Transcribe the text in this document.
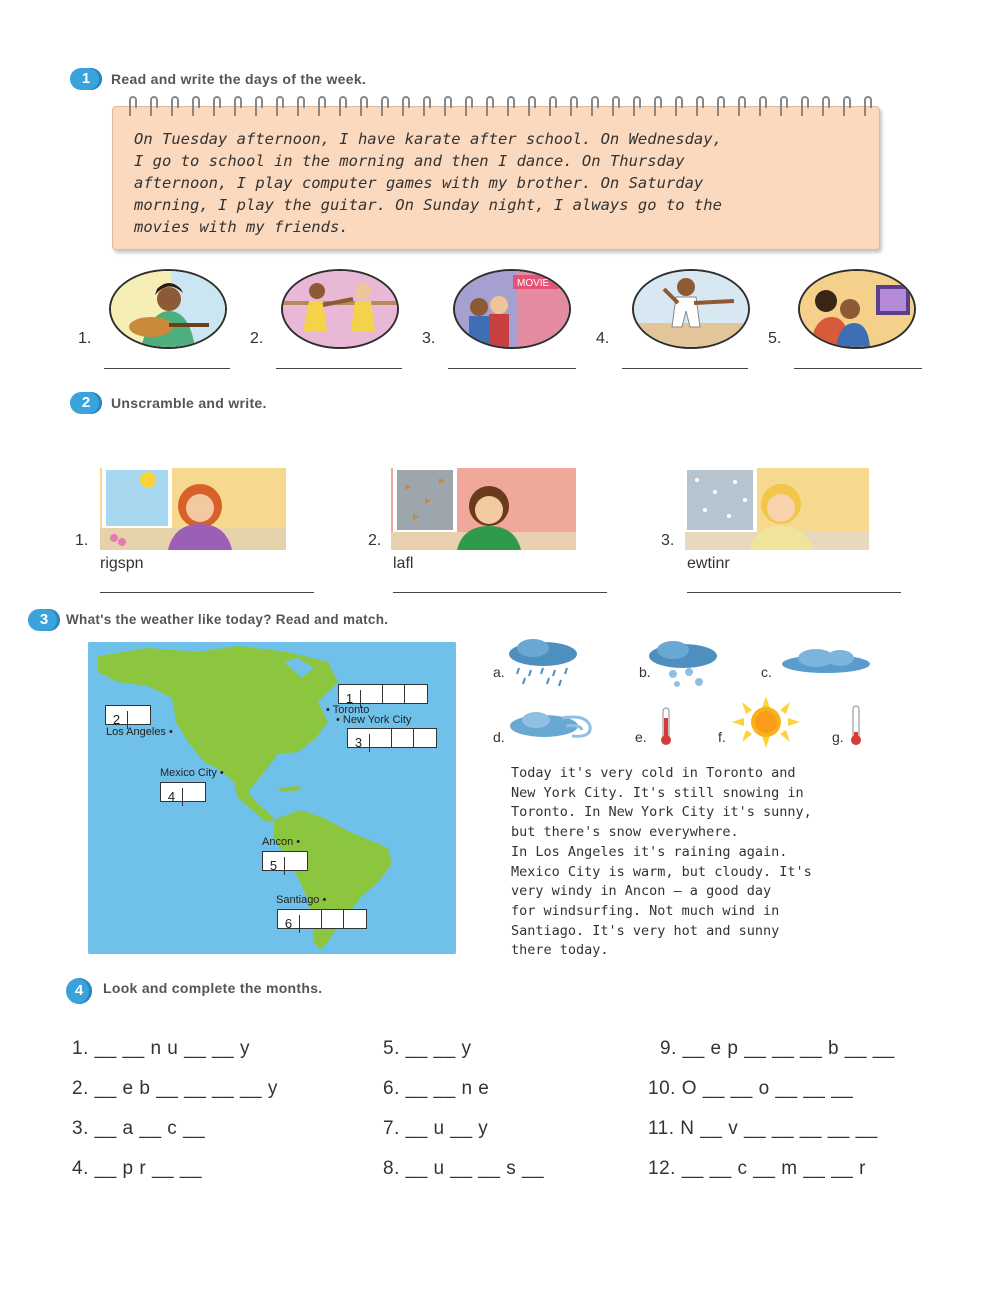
1	Read and write the days of the week.
On Tuesday afternoon, I have karate after school. On Wednesday,
I go to school in the morning and then I dance. On Thursday
afternoon, I play computer games with my brother. On Saturday
morning, I play the guitar. On Sunday night, I always go to the
movies with my friends.
1.	2.	3.
MOVIE
4.	5.
2	Unscramble and write.
1.
rigspn
2.
lafl
3.
ewtinr
3	What's the weather like today? Read and match.
• Toronto
• New York City
Los Angeles •
Mexico City •
Ancon •
Santiago •
1
2
3
4
5
6
a.	b.	c.
d.	e.	f.	g.
Today it's very cold in Toronto and
New York City. It's still snowing in
Toronto. In New York City it's sunny,
but there's snow everywhere.
In Los Angeles it's raining again.
Mexico City is warm, but cloudy. It's
very windy in Ancon – a good day
for windsurfing. Not much wind in
Santiago. It's very hot and sunny
there today.
4	Look and complete the months.
1. __ __ n u __ __ y
2. __ e b __ __ __ __ y
3. __ a __ c __
4. __ p r __ __
5. __ __ y
6. __ __ n e
7. __ u __ y
8. __ u __ __ s __
9. __ e p __ __ __ b __ __
10. O __ __ o __ __ __
11. N __ v __ __ __ __ __
12. __ __ c __ m __ __ r
